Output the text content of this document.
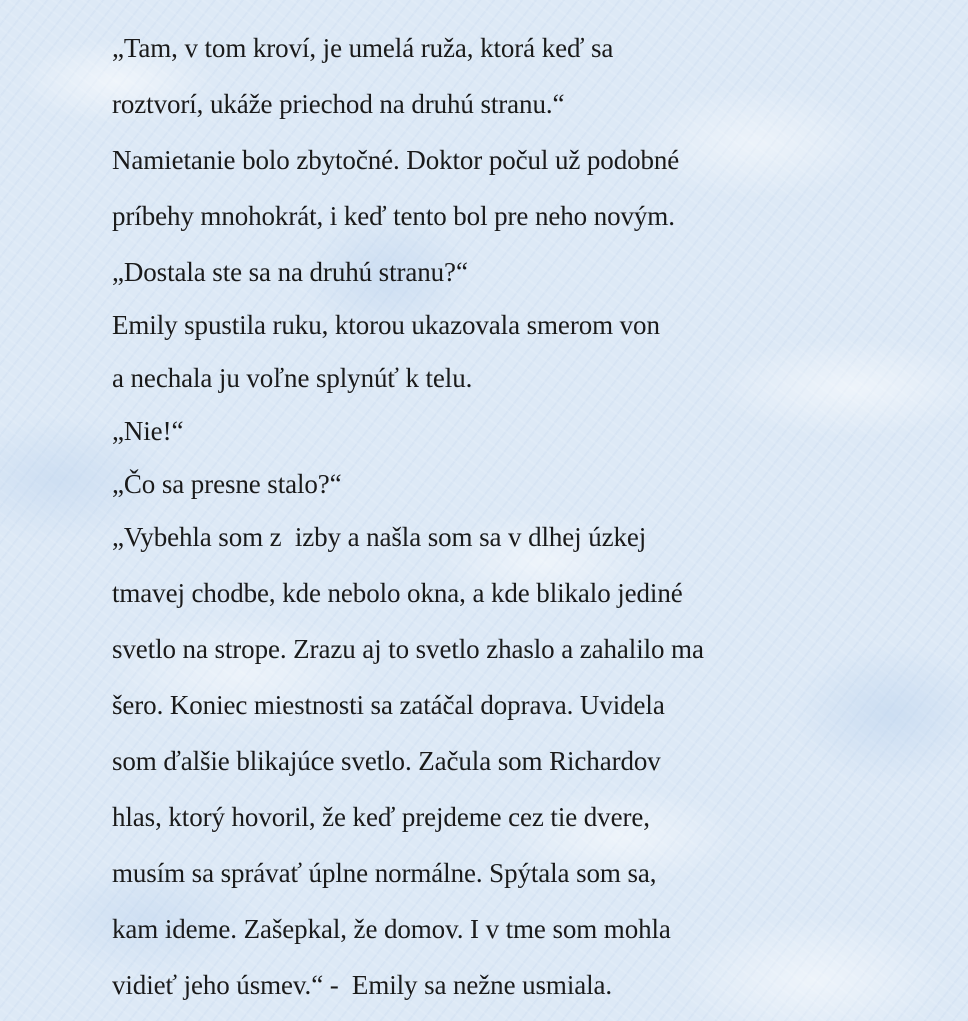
„Tam, v tom kroví, je umelá ruža, ktorá keď sa
roztvorí, ukáže priechod na druhú stranu.“
Namietanie bolo zbytočné. Doktor počul už podobné
príbehy mnohokrát, i keď tento bol pre neho novým.
„Dostala ste sa na druhú stranu?“
Emily spustila ruku, ktorou ukazovala smerom von
a nechala ju voľne splynúť k telu.
„Nie!“
„Čo sa presne stalo?“
„Vybehla som z  izby a našla som sa v dlhej úzkej
tmavej chodbe, kde nebolo okna, a kde blikalo jediné
svetlo na strope. Zrazu aj to svetlo zhaslo a zahalilo ma
šero. Koniec miestnosti sa zatáčal doprava. Uvidela
som ďalšie blikajúce svetlo. Začula som Richardov
hlas, ktorý hovoril, že keď prejdeme cez tie dvere,
musím sa správať úplne normálne. Spýtala som sa,
kam ideme. Zašepkal, že domov. I v tme som mohla
vidieť jeho úsmev.“ -  Emily sa nežne usmiala.
